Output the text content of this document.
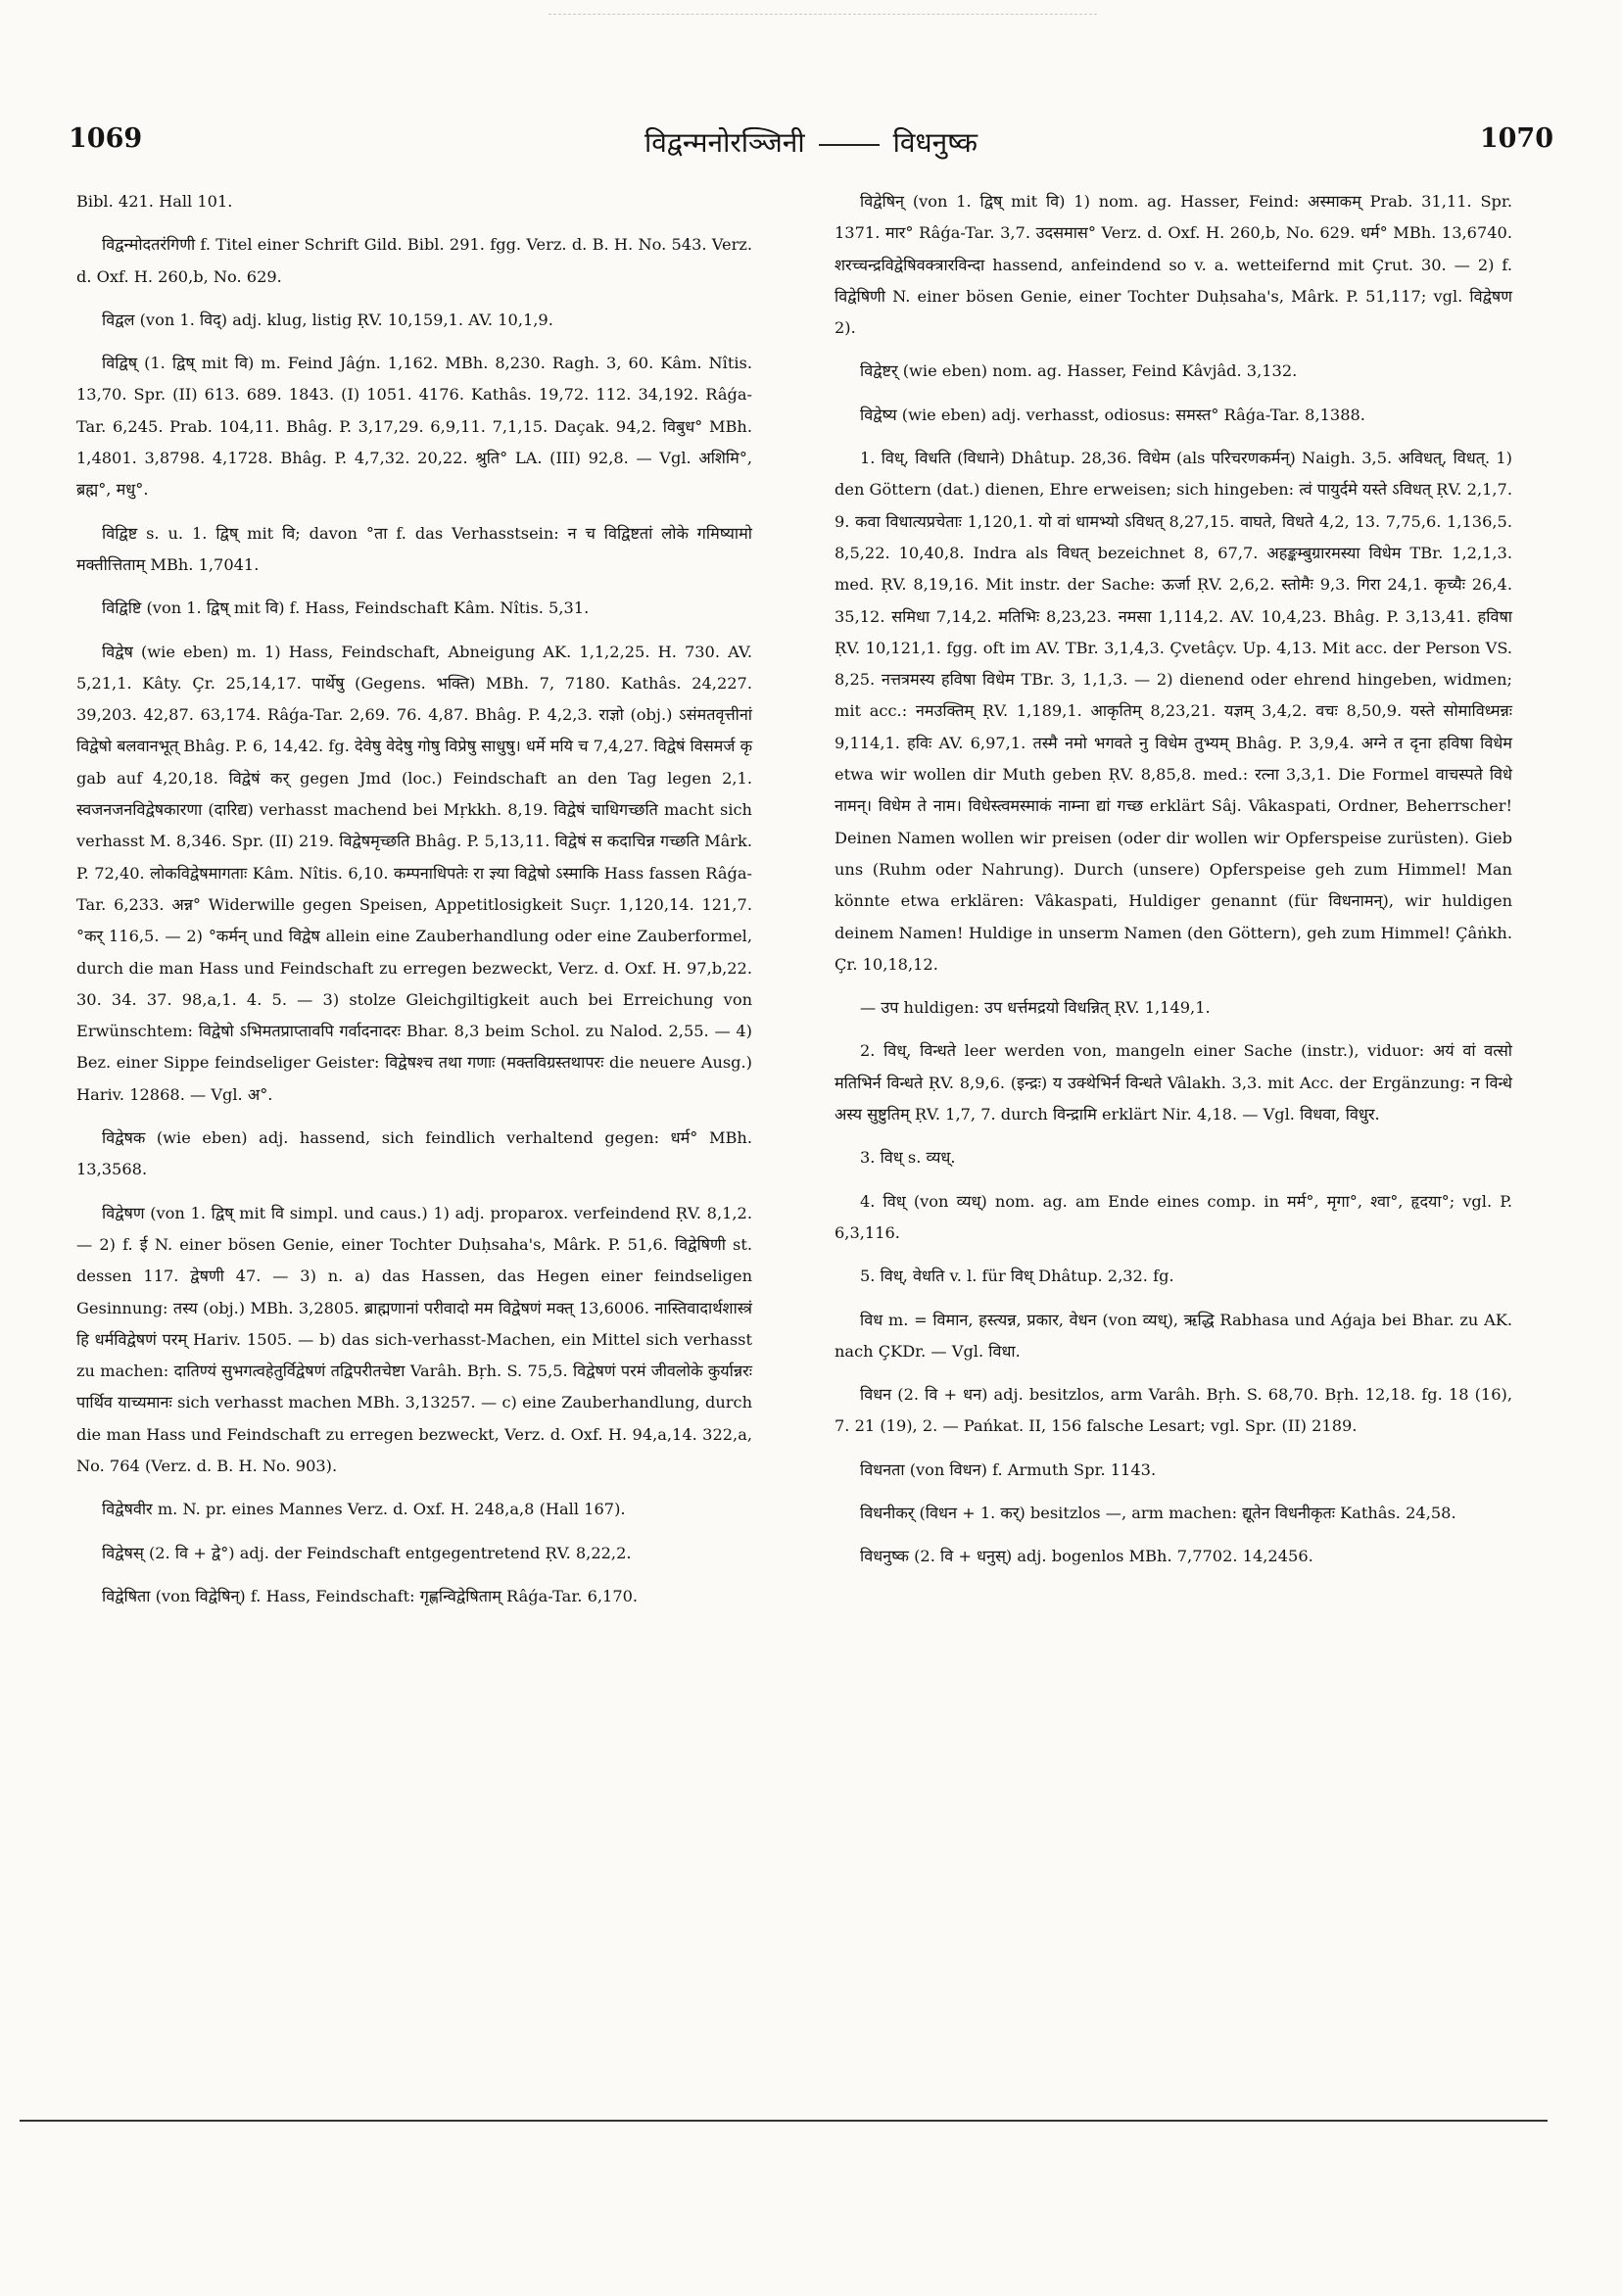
1069	विद्वन्मनोरञ्जिनी	विधनुष्क	1070

Bibl. 421. Hall 101.

विद्वन्मोदतरंगिणी f. Titel einer Schrift Gild. Bibl. 291. fgg. Verz. d. B. H. No. 543. Verz. d. Oxf. H. 260,b, No. 629.

विद्वल (von 1. विद्) adj. klug, listig ṚV. 10,159,1. AV. 10,1,9.

विद्विष् (1. द्विष् mit वि) m. Feind Jâǵn. 1,162. MBh. 8,230. Ragh. 3, 60. Kâm. Nîtis. 13,70. Spr. (II) 613. 689. 1843. (I) 1051. 4176. Kathâs. 19,72. 112. 34,192. Râǵa-Tar. 6,245. Prab. 104,11. Bhâg. P. 3,17,29. 6,9,11. 7,1,15. Daçak. 94,2. विबुध° MBh. 1,4801. 3,8798. 4,1728. Bhâg. P. 4,7,32. 20,22. श्रुति° LA. (III) 92,8. — Vgl. अशिमि°, ब्रह्म°, मधु°.

विद्विष्ट s. u. 1. द्विष् mit वि; davon °ता f. das Verhasstsein: न च विद्विष्टतां लोके गमिष्यामो मक्तीत्तिताम् MBh. 1,7041.

विद्विष्टि (von 1. द्विष् mit वि) f. Hass, Feindschaft Kâm. Nîtis. 5,31.

विद्वेष (wie eben) m. 1) Hass, Feindschaft, Abneigung AK. 1,1,2,25. H. 730. AV. 5,21,1. Kâty. Çr. 25,14,17. पार्थेषु (Gegens. भक्ति) MBh. 7, 7180. Kathâs. 24,227. 39,203. 42,87. 63,174. Râǵa-Tar. 2,69. 76. 4,87. Bhâg. P. 4,2,3. राज्ञो (obj.) ऽसंमतवृत्तीनां विद्वेषो बलवानभूत् Bhâg. P. 6, 14,42. fg. देवेषु वेदेषु गोषु विप्रेषु साधुषु। धर्मे मयि च 7,4,27. विद्वेषं विसमर्ज कृ gab auf 4,20,18. विद्वेषं कर् gegen Jmd (loc.) Feindschaft an den Tag legen 2,1. स्वजनजनविद्वेषकारणा (दारिद्य) verhasst machend bei Mṛkkh. 8,19. विद्वेषं चाधिगच्छति macht sich verhasst M. 8,346. Spr. (II) 219. विद्वेषमृच्छति Bhâg. P. 5,13,11. विद्वेषं स कदाचिन्न गच्छति Mârk. P. 72,40. लोकविद्वेषमागताः Kâm. Nîtis. 6,10. कम्पनाधिपतेः रा ज्ञ्या विद्वेषो ऽस्माकि Hass fassen Râǵa-Tar. 6,233. अन्न° Widerwille gegen Speisen, Appetitlosigkeit Suçr. 1,120,14. 121,7. °कर् 116,5. — 2) °कर्मन् und विद्वेष allein eine Zauberhandlung oder eine Zauberformel, durch die man Hass und Feindschaft zu erregen bezweckt, Verz. d. Oxf. H. 97,b,22. 30. 34. 37. 98,a,1. 4. 5. — 3) stolze Gleichgiltigkeit auch bei Erreichung von Erwünschtem: विद्वेषो ऽभिमतप्राप्तावपि गर्वादनादरः Bhar. 8,3 beim Schol. zu Nalod. 2,55. — 4) Bez. einer Sippe feindseliger Geister: विद्वेषश्च तथा गणाः (मक्तविग्रस्तथापरः die neuere Ausg.) Hariv. 12868. — Vgl. अ°.

विद्वेषक (wie eben) adj. hassend, sich feindlich verhaltend gegen: धर्म° MBh. 13,3568.

विद्वेषण (von 1. द्विष् mit वि simpl. und caus.) 1) adj. proparox. verfeindend ṚV. 8,1,2. — 2) f. ई N. einer bösen Genie, einer Tochter Duḥsaha's, Mârk. P. 51,6. विद्वेषिणी st. dessen 117. द्वेषणी 47. — 3) n. a) das Hassen, das Hegen einer feindseligen Gesinnung: तस्य (obj.) MBh. 3,2805. ब्राह्मणानां परीवादो मम विद्वेषणं मक्त् 13,6006. नास्तिवादार्थशास्त्रं हि धर्मविद्वेषणं परम् Hariv. 1505. — b) das sich-verhasst-Machen, ein Mittel sich verhasst zu machen: दातिण्यं सुभगत्वहेतुर्विद्वेषणं तद्विपरीतचेष्टा Varâh. Bṛh. S. 75,5. विद्वेषणं परमं जीवलोके कुर्यान्नरः पार्थिव याच्यमानः sich verhasst machen MBh. 3,13257. — c) eine Zauberhandlung, durch die man Hass und Feindschaft zu erregen bezweckt, Verz. d. Oxf. H. 94,a,14. 322,a, No. 764 (Verz. d. B. H. No. 903).

विद्वेषवीर m. N. pr. eines Mannes Verz. d. Oxf. H. 248,a,8 (Hall 167).

विद्वेषस् (2. वि + द्वे°) adj. der Feindschaft entgegentretend ṚV. 8,22,2.

विद्वेषिता (von विद्वेषिन्) f. Hass, Feindschaft: गृह्णन्विद्वेषिताम् Râǵa-Tar. 6,170.

विद्वेषिन् (von 1. द्विष् mit वि) 1) nom. ag. Hasser, Feind: अस्माकम् Prab. 31,11. Spr. 1371. मार° Râǵa-Tar. 3,7. उदसमास° Verz. d. Oxf. H. 260,b, No. 629. धर्म° MBh. 13,6740. शरच्चन्द्रविद्वेषिवक्त्रारविन्दा hassend, anfeindend so v. a. wetteifernd mit Çrut. 30. — 2) f. विद्वेषिणी N. einer bösen Genie, einer Tochter Duḥsaha's, Mârk. P. 51,117; vgl. विद्वेषण 2).

विद्वेष्टर् (wie eben) nom. ag. Hasser, Feind Kâvjâd. 3,132.

विद्वेष्य (wie eben) adj. verhasst, odiosus: समस्त° Râǵa-Tar. 8,1388.

1. विध्, विधति (विधाने) Dhâtup. 28,36. विधेम (als परिचरणकर्मन्) Naigh. 3,5. अविधत्, विधत्. 1) den Göttern (dat.) dienen, Ehre erweisen; sich hingeben: त्वं पायुर्दमे यस्ते ऽविधत् ṚV. 2,1,7. 9. कवा विधात्यप्रचेताः 1,120,1. यो वां धामभ्यो ऽविधत् 8,27,15. वाघते, विधते 4,2, 13. 7,75,6. 1,136,5. 8,5,22. 10,40,8. Indra als विधत् bezeichnet 8, 67,7. अहङ्कम्बुग्रारमस्या विधेम TBr. 1,2,1,3. med. ṚV. 8,19,16. Mit instr. der Sache: ऊर्जा ṚV. 2,6,2. स्तोमैः 9,3. गिरा 24,1. कृच्यैः 26,4. 35,12. समिधा 7,14,2. मतिभिः 8,23,23. नमसा 1,114,2. AV. 10,4,23. Bhâg. P. 3,13,41. हविषा ṚV. 10,121,1. fgg. oft im AV. TBr. 3,1,4,3. Çvetâçv. Up. 4,13. Mit acc. der Person VS. 8,25. नत्तत्रमस्य हविषा विधेम TBr. 3, 1,1,3. — 2) dienend oder ehrend hingeben, widmen; mit acc.: नमउक्तिम् ṚV. 1,189,1. आकृतिम् 8,23,21. यज्ञम् 3,4,2. वचः 8,50,9. यस्ते सोमाविध्मन्नः 9,114,1. हविः AV. 6,97,1. तस्मै नमो भगवते नु विधेम तुभ्यम् Bhâg. P. 3,9,4. अग्ने त दृना हविषा विधेम etwa wir wollen dir Muth geben ṚV. 8,85,8. med.: रत्ना 3,3,1. Die Formel वाचस्पते विधे नामन्। विधेम ते नाम। विधेस्त्वमस्माकं नाम्ना द्यां गच्छ erklärt Sâj. Vâkaspati, Ordner, Beherrscher! Deinen Namen wollen wir preisen (oder dir wollen wir Opferspeise zurüsten). Gieb uns (Ruhm oder Nahrung). Durch (unsere) Opferspeise geh zum Himmel! Man könnte etwa erklären: Vâkaspati, Huldiger genannt (für विधनामन्), wir huldigen deinem Namen! Huldige in unserm Namen (den Göttern), geh zum Himmel! Çâṅkh. Çr. 10,18,12.

— उप huldigen: उप धर्त्तमद्रयो विधन्नित् ṚV. 1,149,1.

2. विध्, विन्धते leer werden von, mangeln einer Sache (instr.), viduor: अयं वां वत्सो मतिभिर्न विन्धते ṚV. 8,9,6. (इन्द्रः) य उक्थेभिर्न विन्धते Vâlakh. 3,3. mit Acc. der Ergänzung: न विन्धे अस्य सुष्टुतिम् ṚV. 1,7, 7. durch विन्द्रामि erklärt Nir. 4,18. — Vgl. विधवा, विधुर.

3. विध् s. व्यध्.

4. विध् (von व्यध्) nom. ag. am Ende eines comp. in मर्म°, मृगा°, श्वा°, हृदया°; vgl. P. 6,3,116.

5. विध्, वेधति v. l. für विध् Dhâtup. 2,32. fg.

विध m. = विमान, हस्त्यन्न, प्रकार, वेधन (von व्यध्), ऋद्धि Rabhasa und Aǵaja bei Bhar. zu AK. nach ÇKDr. — Vgl. विधा.

विधन (2. वि + धन) adj. besitzlos, arm Varâh. Bṛh. S. 68,70. Bṛh. 12,18. fg. 18 (16), 7. 21 (19), 2. — Pańkat. II, 156 falsche Lesart; vgl. Spr. (II) 2189.

विधनता (von विधन) f. Armuth Spr. 1143.

विधनीकर् (विधन + 1. कर्) besitzlos —, arm machen: द्यूतेन विधनीकृतः Kathâs. 24,58.

विधनुष्क (2. वि + धनुस्) adj. bogenlos MBh. 7,7702. 14,2456.
